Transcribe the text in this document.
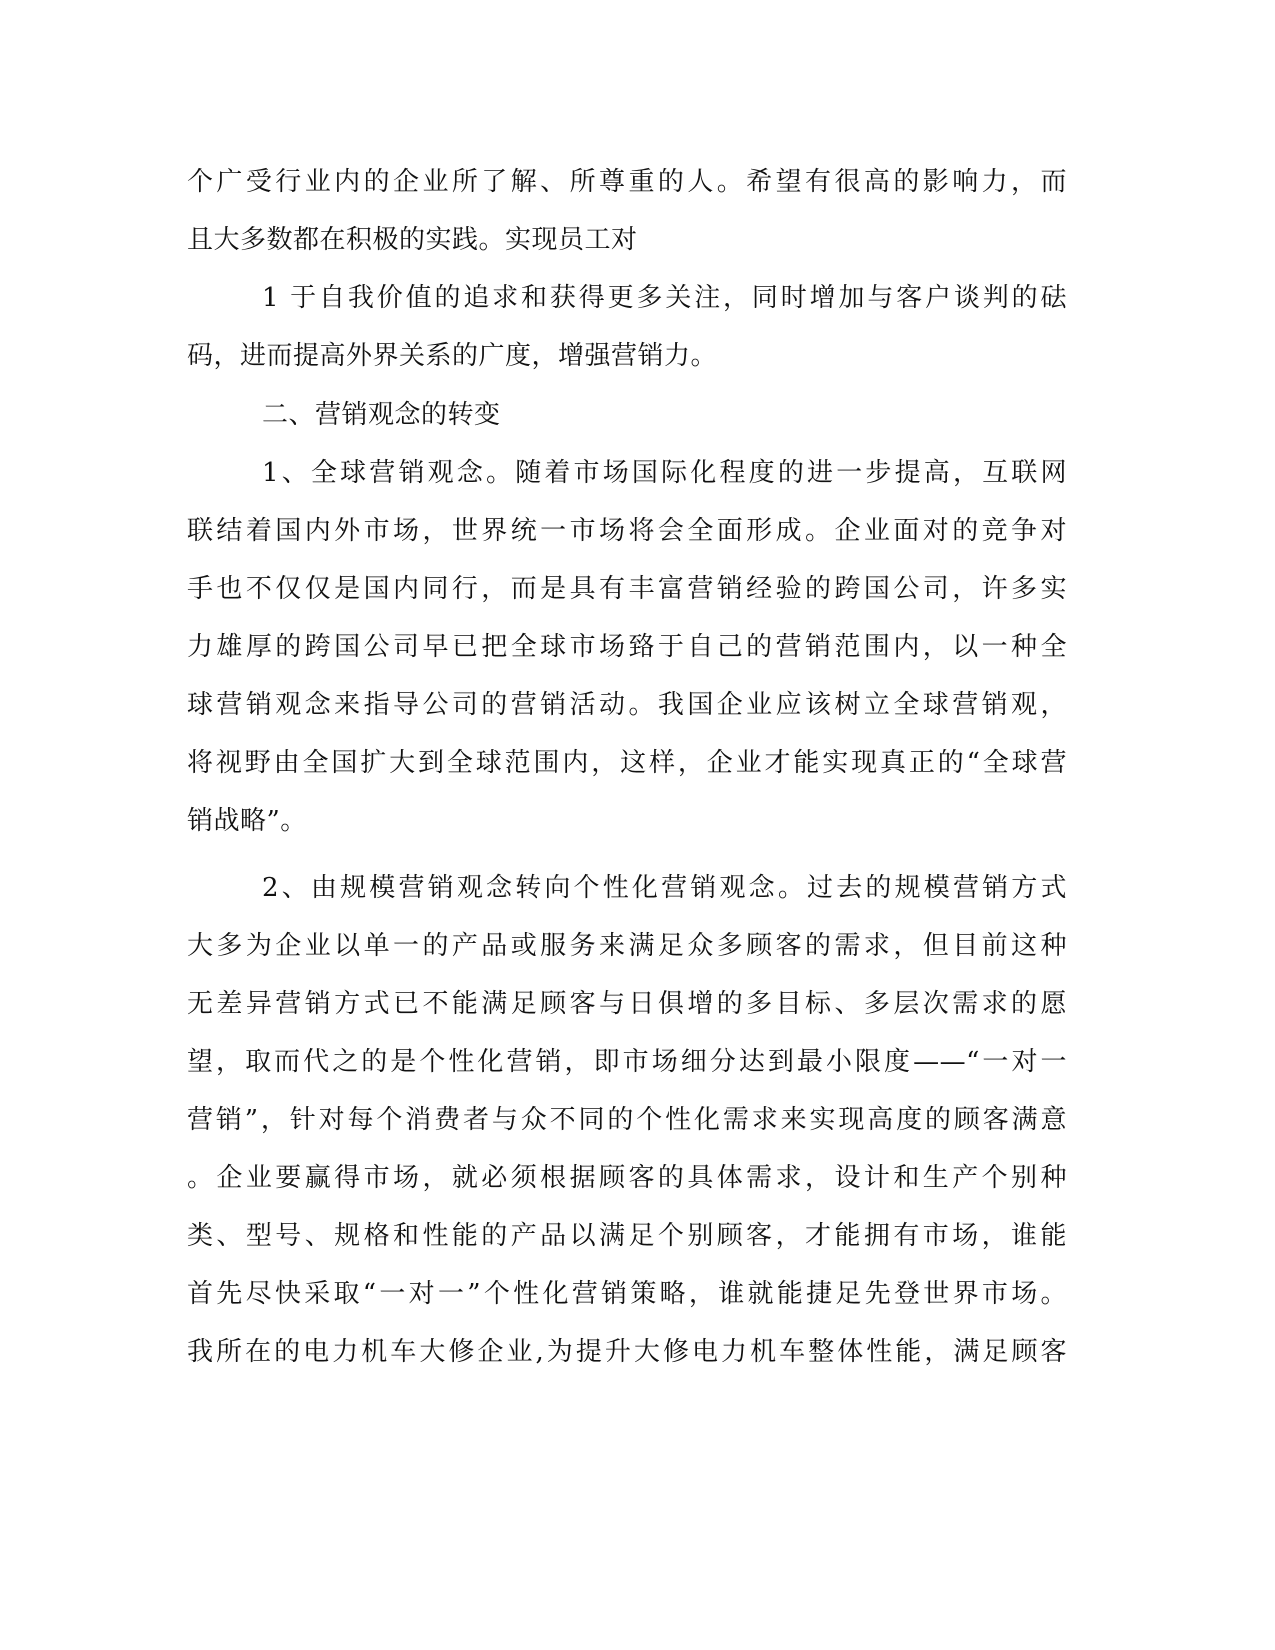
个广受行业内的企业所了解、所尊重的人。希望有很高的影响力，而
且大多数都在积极的实践。实现员工对
1 于自我价值的追求和获得更多关注，同时增加与客户谈判的砝
码，进而提高外界关系的广度，增强营销力。
二、营销观念的转变
1、全球营销观念。随着市场国际化程度的进一步提高，互联网
联结着国内外市场，世界统一市场将会全面形成。企业面对的竞争对
手也不仅仅是国内同行，而是具有丰富营销经验的跨国公司，许多实
力雄厚的跨国公司早已把全球市场臵于自己的营销范围内，以一种全
球营销观念来指导公司的营销活动。我国企业应该树立全球营销观，
将视野由全国扩大到全球范围内，这样，企业才能实现真正的“全球营
销战略”。
2、由规模营销观念转向个性化营销观念。过去的规模营销方式
大多为企业以单一的产品或服务来满足众多顾客的需求，但目前这种
无差异营销方式已不能满足顾客与日俱增的多目标、多层次需求的愿
望，取而代之的是个性化营销，即市场细分达到最小限度——“一对一
营销”，针对每个消费者与众不同的个性化需求来实现高度的顾客满意
。企业要赢得市场，就必须根据顾客的具体需求，设计和生产个别种
类、型号、规格和性能的产品以满足个别顾客，才能拥有市场，谁能
首先尽快采取“一对一”个性化营销策略，谁就能捷足先登世界市场。
我所在的电力机车大修企业,为提升大修电力机车整体性能，满足顾客
